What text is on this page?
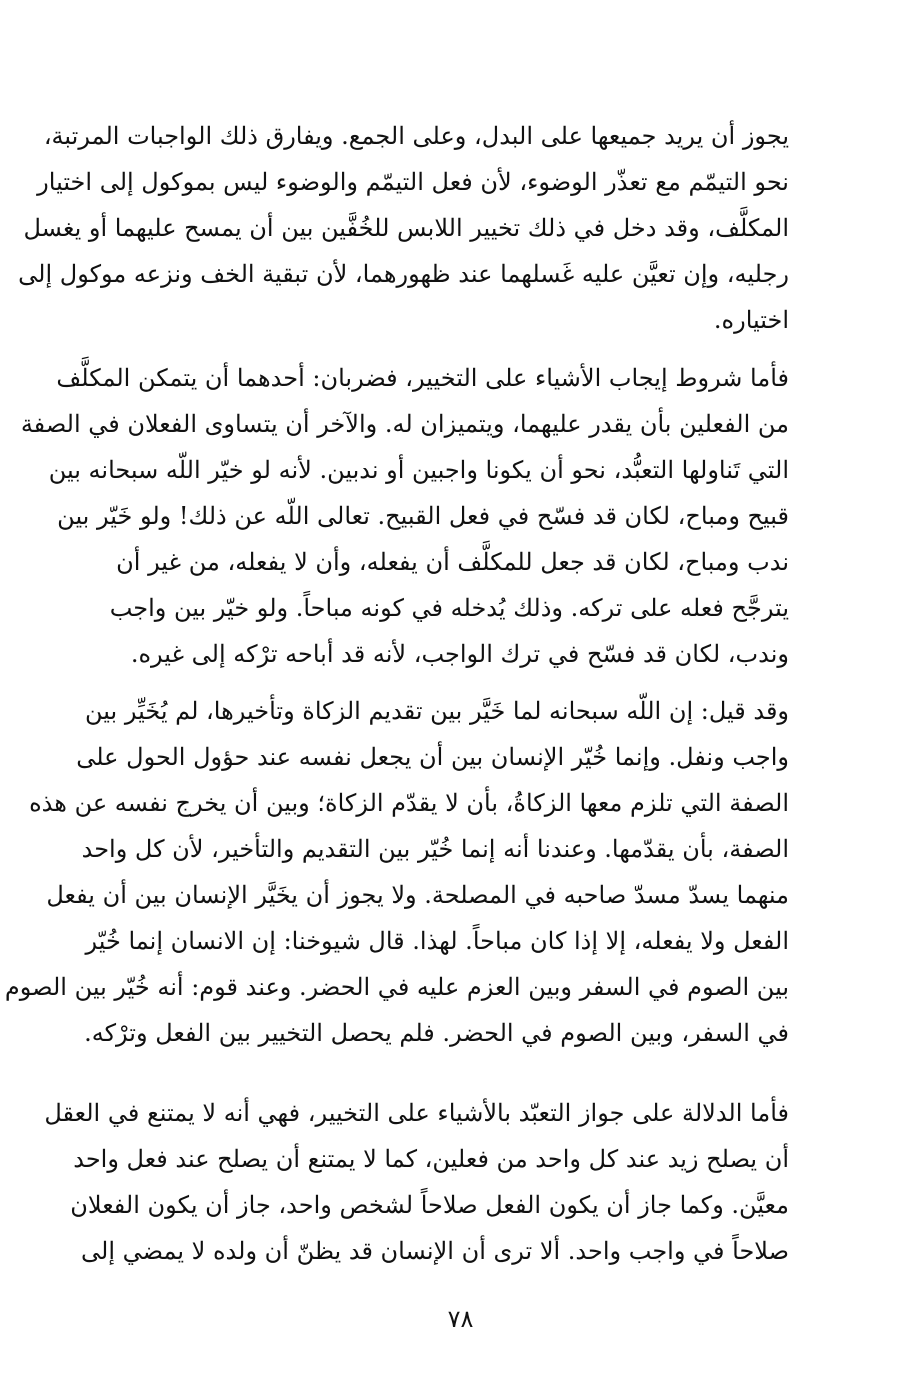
يجوز أن يريد جميعها على البدل، وعلى الجمع. ويفارق ذلك الواجبات المرتبة،
نحو التيمّم مع تعذّر الوضوء، لأن فعل التيمّم والوضوء ليس بموكول إلى اختيار
المكلَّف، وقد دخل في ذلك تخيير اللابس للخُفَّين بين أن يمسح عليهما أو يغسل
رجليه، وإن تعيَّن عليه غَسلهما عند ظهورهما، لأن تبقية الخف ونزعه موكول إلى
اختياره.
فأما شروط إيجاب الأشياء على التخيير، فضربان: أحدهما أن يتمكن المكلَّف
من الفعلين بأن يقدر عليهما، ويتميزان له. والآخر أن يتساوى الفعلان في الصفة
التي تَناولها التعبُّد، نحو أن يكونا واجبين أو ندبين. لأنه لو خيّر اللّه سبحانه بين
قبيح ومباح، لكان قد فسّح في فعل القبيح. تعالى اللّه عن ذلك! ولو خَيّر بين
ندب ومباح، لكان قد جعل للمكلَّف أن يفعله، وأن لا يفعله، من غير أن
يترجَّح فعله على تركه. وذلك يُدخله في كونه مباحاً. ولو خيّر بين واجب
وندب، لكان قد فسّح في ترك الواجب، لأنه قد أباحه ترْكه إلى غيره.
وقد قيل: إن اللّه سبحانه لما خَيَّر بين تقديم الزكاة وتأخيرها، لم يُخَيِّر بين
واجب ونفل. وإنما خُيّر الإنسان بين أن يجعل نفسه عند حؤول الحول على
الصفة التي تلزم معها الزكاةُ، بأن لا يقدّم الزكاة؛ وبين أن يخرج نفسه عن هذه
الصفة، بأن يقدّمها. وعندنا أنه إنما خُيّر بين التقديم والتأخير، لأن كل واحد
منهما يسدّ مسدّ صاحبه في المصلحة. ولا يجوز أن يخَيَّر الإنسان بين أن يفعل
الفعل ولا يفعله، إلا إذا كان مباحاً. لهذا. قال شيوخنا: إن الانسان إنما خُيّر
بين الصوم في السفر وبين العزم عليه في الحضر. وعند قوم: أنه خُيّر بين الصوم
في السفر، وبين الصوم في الحضر. فلم يحصل التخيير بين الفعل وترْكه.
فأما الدلالة على جواز التعبّد بالأشياء على التخيير، فهي أنه لا يمتنع في العقل
أن يصلح زيد عند كل واحد من فعلين، كما لا يمتنع أن يصلح عند فعل واحد
معيَّن. وكما جاز أن يكون الفعل صلاحاً لشخص واحد، جاز أن يكون الفعلان
صلاحاً في واجب واحد. ألا ترى أن الإنسان قد يظنّ أن ولده لا يمضي إلى
٧٨
